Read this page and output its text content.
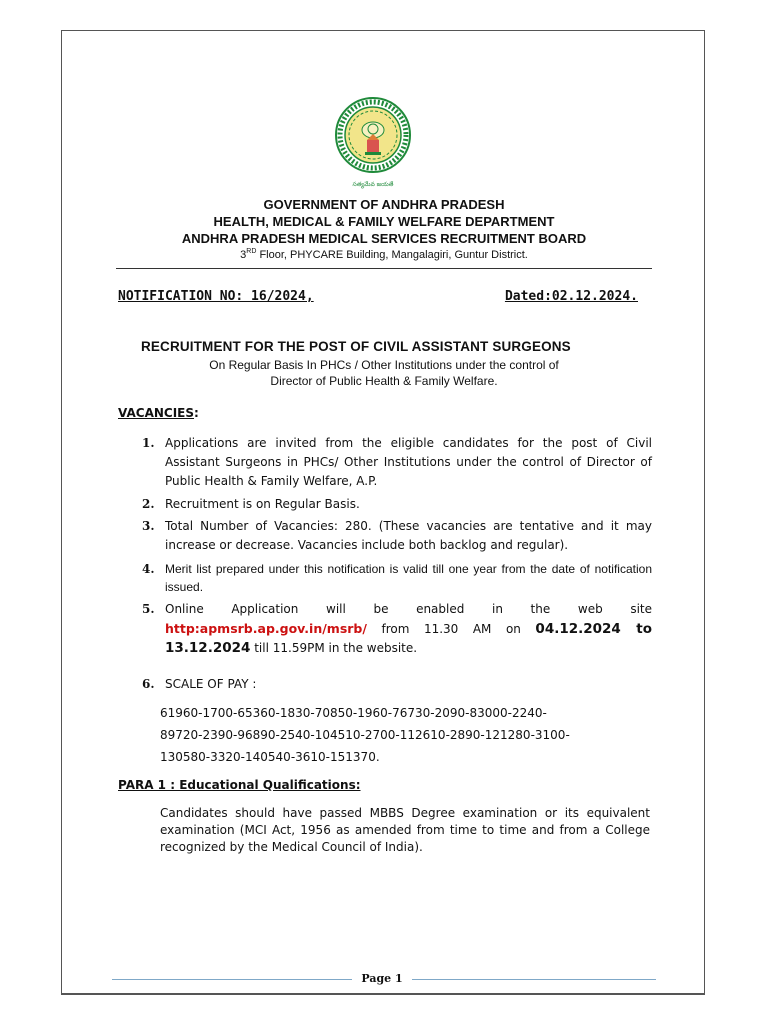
సత్యమేవ జయతే
GOVERNMENT OF ANDHRA PRADESH
HEALTH, MEDICAL & FAMILY WELFARE DEPARTMENT
ANDHRA PRADESH MEDICAL SERVICES RECRUITMENT BOARD
3RD Floor, PHYCARE Building, Mangalagiri, Guntur District.
NOTIFICATION NO: 16/2024,	Dated:02.12.2024.
RECRUITMENT FOR THE POST OF CIVIL ASSISTANT SURGEONS
On Regular Basis In PHCs / Other Institutions under the control of
Director of Public Health & Family Welfare.
VACANCIES:
1. Applications are invited from the eligible candidates for the post of Civil Assistant Surgeons in PHCs/ Other Institutions under the control of Director of Public Health & Family Welfare, A.P.
2. Recruitment is on Regular Basis.
3. Total Number of Vacancies: 280. (These vacancies are tentative and it may increase or decrease. Vacancies include both backlog and regular).
4. Merit list prepared under this notification is valid till one year from the date of notification issued.
5. Online Application will be enabled in the web site http:apmsrb.ap.gov.in/msrb/ from 11.30 AM on 04.12.2024 to 13.12.2024 till 11.59PM in the website.
6. SCALE OF PAY :
61960-1700-65360-1830-70850-1960-76730-2090-83000-2240-
89720-2390-96890-2540-104510-2700-112610-2890-121280-3100-
130580-3320-140540-3610-151370.
PARA 1 : Educational Qualifications:
Candidates should have passed MBBS Degree examination or its equivalent examination (MCI Act, 1956 as amended from time to time and from a College recognized by the Medical Council of India).
Page 1
